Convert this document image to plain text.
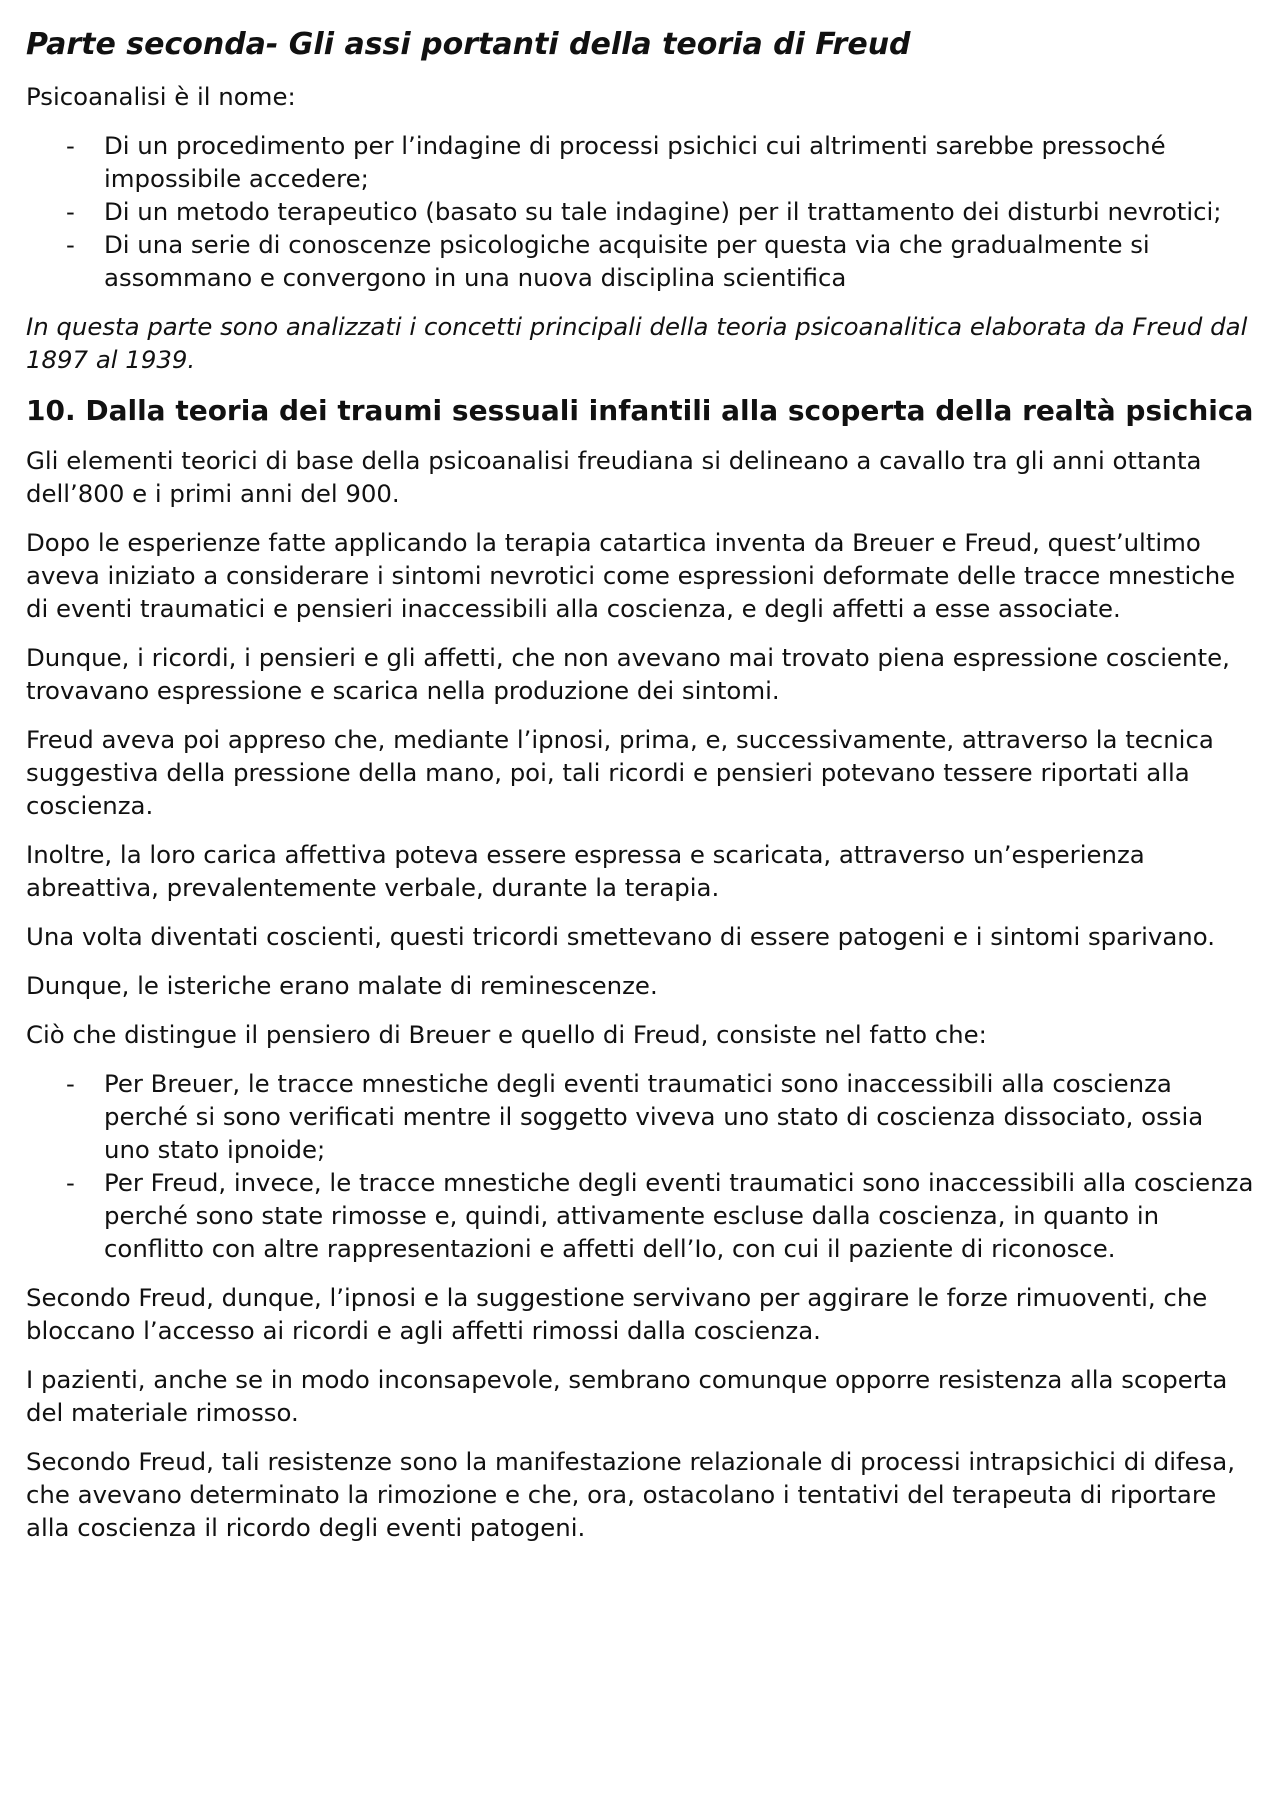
Parte seconda- Gli assi portanti della teoria di Freud

Psicoanalisi è il nome:

- Di un procedimento per l’indagine di processi psichici cui altrimenti sarebbe pressoché impossibile accedere;
- Di un metodo terapeutico (basato su tale indagine) per il trattamento dei disturbi nevrotici;
- Di una serie di conoscenze psicologiche acquisite per questa via che gradualmente si assommano e convergono in una nuova disciplina scientifica

In questa parte sono analizzati i concetti principali della teoria psicoanalitica elaborata da Freud dal 1897 al 1939.

10. Dalla teoria dei traumi sessuali infantili alla scoperta della realtà psichica

Gli elementi teorici di base della psicoanalisi freudiana si delineano a cavallo tra gli anni ottanta dell’800 e i primi anni del 900.

Dopo le esperienze fatte applicando la terapia catartica inventa da Breuer e Freud, quest’ultimo aveva iniziato a considerare i sintomi nevrotici come espressioni deformate delle tracce mnestiche di eventi traumatici e pensieri inaccessibili alla coscienza, e degli affetti a esse associate.

Dunque, i ricordi, i pensieri e gli affetti, che non avevano mai trovato piena espressione cosciente, trovavano espressione e scarica nella produzione dei sintomi.

Freud aveva poi appreso che, mediante l’ipnosi, prima, e, successivamente, attraverso la tecnica suggestiva della pressione della mano, poi, tali ricordi e pensieri potevano tessere riportati alla coscienza.

Inoltre, la loro carica affettiva poteva essere espressa e scaricata, attraverso un’esperienza abreattiva, prevalentemente verbale, durante la terapia.

Una volta diventati coscienti, questi tricordi smettevano di essere patogeni e i sintomi sparivano.

Dunque, le isteriche erano malate di reminescenze.

Ciò che distingue il pensiero di Breuer e quello di Freud, consiste nel fatto che:

- Per Breuer, le tracce mnestiche degli eventi traumatici sono inaccessibili alla coscienza perché si sono verificati mentre il soggetto viveva uno stato di coscienza dissociato, ossia uno stato ipnoide;
- Per Freud, invece, le tracce mnestiche degli eventi traumatici sono inaccessibili alla coscienza perché sono state rimosse e, quindi, attivamente escluse dalla coscienza, in quanto in conflitto con altre rappresentazioni e affetti dell’Io, con cui il paziente di riconosce.

Secondo Freud, dunque, l’ipnosi e la suggestione servivano per aggirare le forze rimuoventi, che bloccano l’accesso ai ricordi e agli affetti rimossi dalla coscienza.

I pazienti, anche se in modo inconsapevole, sembrano comunque opporre resistenza alla scoperta del materiale rimosso.

Secondo Freud, tali resistenze sono la manifestazione relazionale di processi intrapsichici di difesa, che avevano determinato la rimozione e che, ora, ostacolano i tentativi del terapeuta di riportare alla coscienza il ricordo degli eventi patogeni.
